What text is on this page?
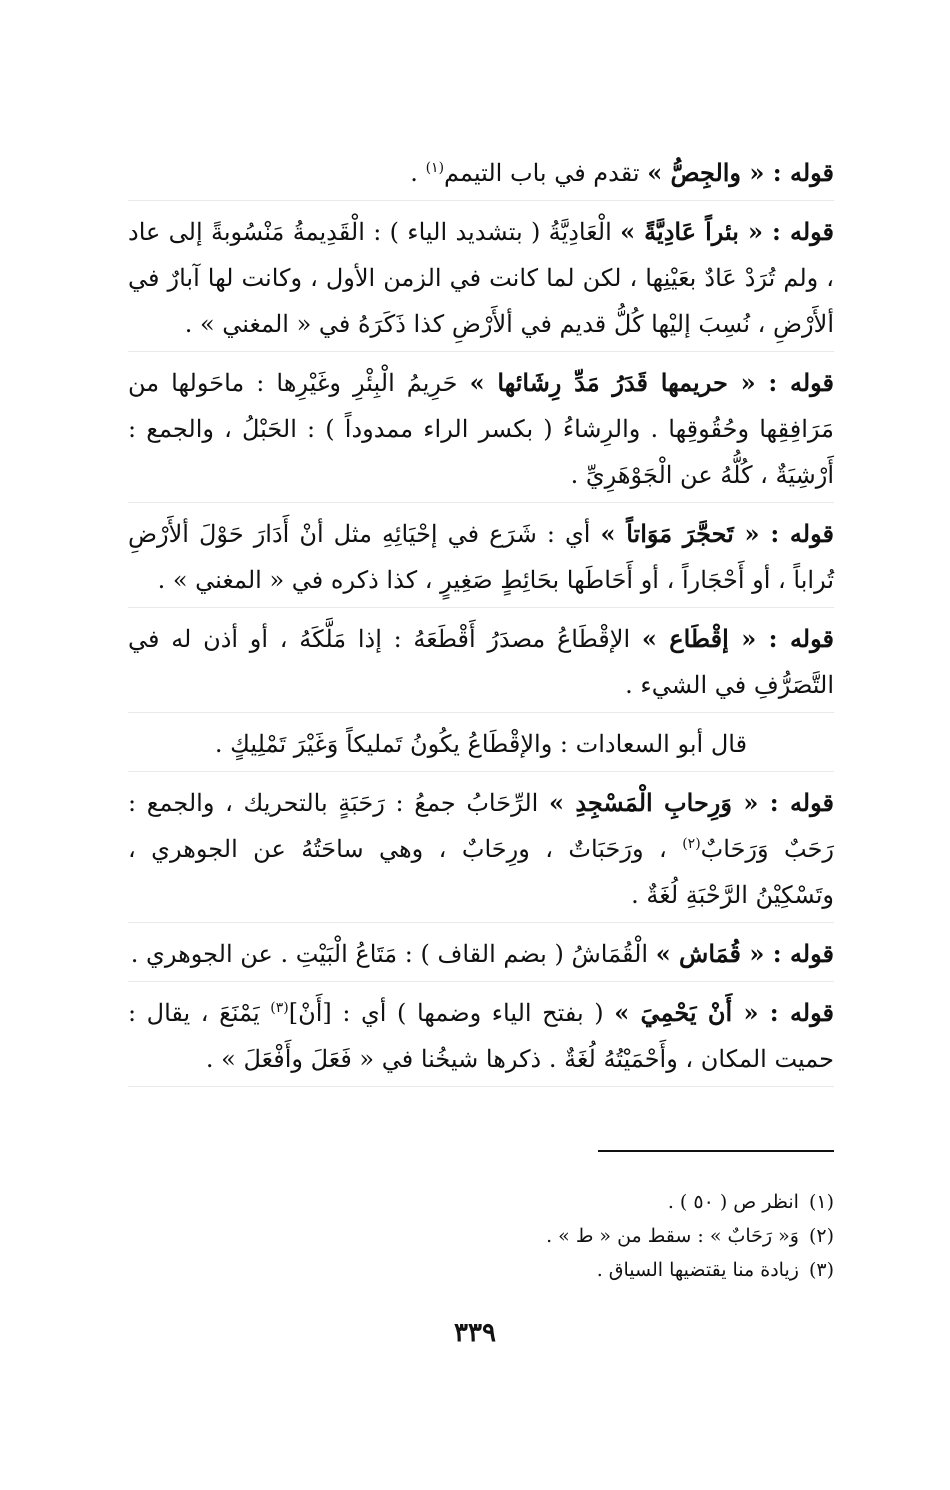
قوله : « والجِصُّ » تقدم في باب التيمم$^{(١)}$ .

قوله : « بئراً عَادِيَّةً » الْعَادِيَّةُ ( بتشديد الياء ) : الْقَدِيمةُ مَنْسُوبةً إلى عاد ، ولم تُرَدْ عَادٌ بعَيْنِها ، لكن لما كانت في الزمن الأول ، وكانت لها آبارٌ في ألأَرْضِ ، نُسِبَ إليْها كُلُّ قديم في ألأَرْضِ كذا ذَكَرَهُ في « المغني » .

قوله : « حريمها قَدَرُ مَدِّ رِشَائها » حَرِيمُ الْبِئْرِ وغَيْرِها : ماحَولها من مَرَافِقِها وحُقُوقِها . والرِشاءُ ( بكسر الراء ممدوداً ) : الحَبْلُ ، والجمع : أَرْشِيَةٌ ، كُلُّهُ عن الْجَوْهَرِيِّ .

قوله : « تَحجَّرَ مَوَاتاً » أي : شَرَع في إحْيَائِهِ مثل أنْ أَدَارَ حَوْلَ ألأَرْضِ تُراباً ، أو أَحْجَاراً ، أو أَحَاطَها بحَائِطٍ صَغِيرٍ ، كذا ذكره في « المغني » .

قوله : « إقْطَاع » الإقْطَاعُ مصدَرُ أَقْطَعَهُ : إذا مَلَّكَهُ ، أو أذن له في التَّصَرُّفِ في الشيء .

قال أبو السعادات : والإقْطَاعُ يكُونُ تَمليكاً وَغَيْرَ تَمْلِيكٍ .

قوله : « وَرِحابِ الْمَسْجِدِ » الرِّحَابُ جمعُ : رَحَبَةٍ بالتحريك ، والجمع : رَحَبٌ وَرَحَابٌ$^{(٢)}$ ، ورَحَبَاتٌ ، ورِحَابٌ ، وهي ساحَتُهُ عن الجوهري ، وتَسْكِيْنُ الرَّحْبَةِ لُغَةٌ .

قوله : « قُمَاش » الْقُمَاشُ ( بضم القاف ) : مَتَاعُ الْبَيْتِ . عن الجوهري .

قوله : « أَنْ يَحْمِيَ » ( بفتح الياء وضمها ) أي : [أَنْ]$^{(٣)}$ يَمْنَعَ ، يقال : حميت المكان ، وأَحْمَيْتُهُ لُغَةٌ . ذكرها شيخُنا في « فَعَلَ وأَفْعَلَ » .

(١)انظر ص ( ٥٠ ) .
(٢)وَ« رَحَابٌ » : سقط من « ط » .
(٣)زيادة منا يقتضيها السياق .
٣٣٩
